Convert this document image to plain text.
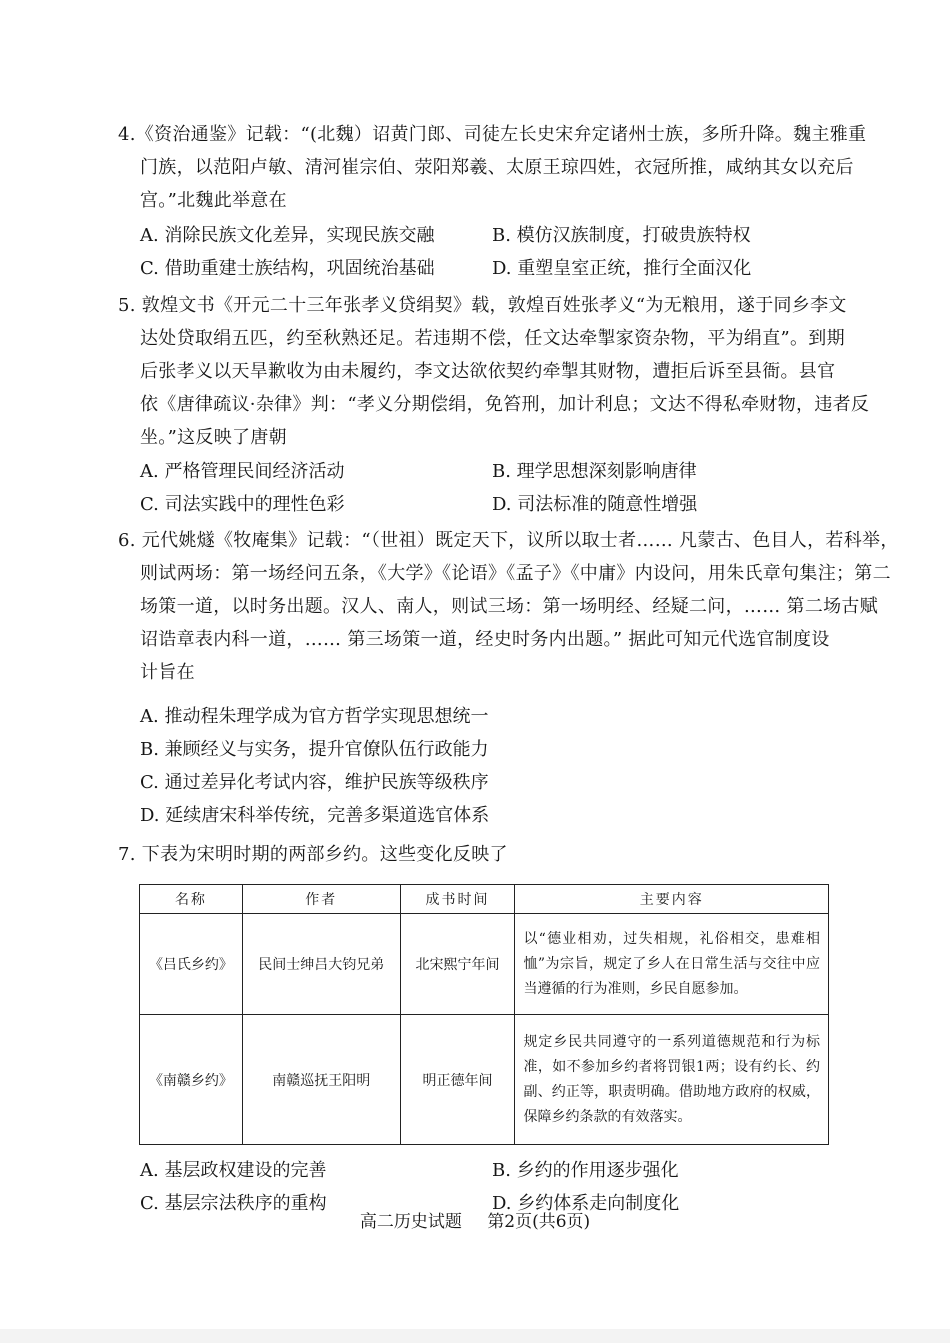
4.《资治通鉴》记载：“(北魏）诏黄门郎、司徒左长史宋弁定诸州士族，多所升降。魏主雅重
门族，以范阳卢敏、清河崔宗伯、荥阳郑羲、太原王琼四姓，衣冠所推，咸纳其女以充后
宫。”北魏此举意在
A. 消除民族文化差异，实现民族交融	B. 模仿汉族制度，打破贵族特权
C. 借助重建士族结构，巩固统治基础	D. 重塑皇室正统，推行全面汉化
5. 敦煌文书《开元二十三年张孝义贷绢契》载，敦煌百姓张孝义“为无粮用，遂于同乡李文
达处贷取绢五匹，约至秋熟还足。若违期不偿，任文达牵掣家资杂物，平为绢直”。到期
后张孝义以天旱歉收为由未履约，李文达欲依契约牵掣其财物，遭拒后诉至县衙。县官
依《唐律疏议·杂律》判：“孝义分期偿绢，免笞刑，加计利息；文达不得私牵财物，违者反
坐。”这反映了唐朝
A. 严格管理民间经济活动	B. 理学思想深刻影响唐律
C. 司法实践中的理性色彩	D. 司法标准的随意性增强
6. 元代姚燧《牧庵集》记载：“（世祖）既定天下，议所以取士者…… 凡蒙古、色目人，若科举，
则试两场：第一场经问五条，《大学》《论语》《孟子》《中庸》内设问，用朱氏章句集注；第二
场策一道，以时务出题。汉人、南人，则试三场：第一场明经、经疑二问，…… 第二场古赋
诏诰章表内科一道，…… 第三场策一道，经史时务内出题。” 据此可知元代选官制度设
计旨在
A. 推动程朱理学成为官方哲学实现思想统一
B. 兼顾经义与实务，提升官僚队伍行政能力
C. 通过差异化考试内容，维护民族等级秩序
D. 延续唐宋科举传统，完善多渠道选官体系
7. 下表为宋明时期的两部乡约。这些变化反映了
名称	作者	成书时间	主要内容
《吕氏乡约》	民间士绅吕大钧兄弟	北宋熙宁年间	以“德业相劝，过失相规，礼俗相交，患难相恤”为宗旨，规定了乡人在日常生活与交往中应当遵循的行为准则，乡民自愿参加。
《南赣乡约》	南赣巡抚王阳明	明正德年间	规定乡民共同遵守的一系列道德规范和行为标准，如不参加乡约者将罚银1两；设有约长、约副、约正等，职责明确。借助地方政府的权威，保障乡约条款的有效落实。
A. 基层政权建设的完善	B. 乡约的作用逐步强化
C. 基层宗法秩序的重构	D. 乡约体系走向制度化
高二历史试题 第2页(共6页)
